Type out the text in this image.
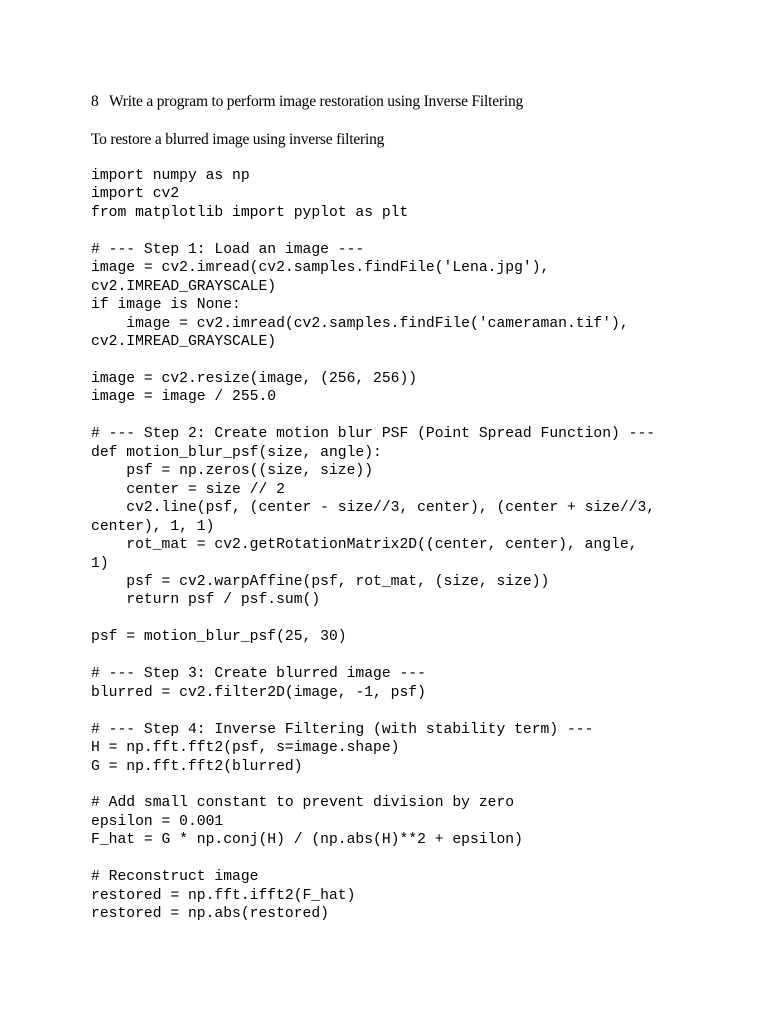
8 Write a program to perform image restoration using Inverse Filtering
To restore a blurred image using inverse filtering
import numpy as np
import cv2
from matplotlib import pyplot as plt

# --- Step 1: Load an image ---
image = cv2.imread(cv2.samples.findFile('Lena.jpg'),
cv2.IMREAD_GRAYSCALE)
if image is None:
image = cv2.imread(cv2.samples.findFile('cameraman.tif'),
cv2.IMREAD_GRAYSCALE)

image = cv2.resize(image, (256, 256))
image = image / 255.0

# --- Step 2: Create motion blur PSF (Point Spread Function) ---
def motion_blur_psf(size, angle):
psf = np.zeros((size, size))
center = size // 2
cv2.line(psf, (center - size//3, center), (center + size//3,
center), 1, 1)
rot_mat = cv2.getRotationMatrix2D((center, center), angle,
1)
psf = cv2.warpAffine(psf, rot_mat, (size, size))
return psf / psf.sum()

psf = motion_blur_psf(25, 30)

# --- Step 3: Create blurred image ---
blurred = cv2.filter2D(image, -1, psf)

# --- Step 4: Inverse Filtering (with stability term) ---
H = np.fft.fft2(psf, s=image.shape)
G = np.fft.fft2(blurred)

# Add small constant to prevent division by zero
epsilon = 0.001
F_hat = G * np.conj(H) / (np.abs(H)**2 + epsilon)

# Reconstruct image
restored = np.fft.ifft2(F_hat)
restored = np.abs(restored)
